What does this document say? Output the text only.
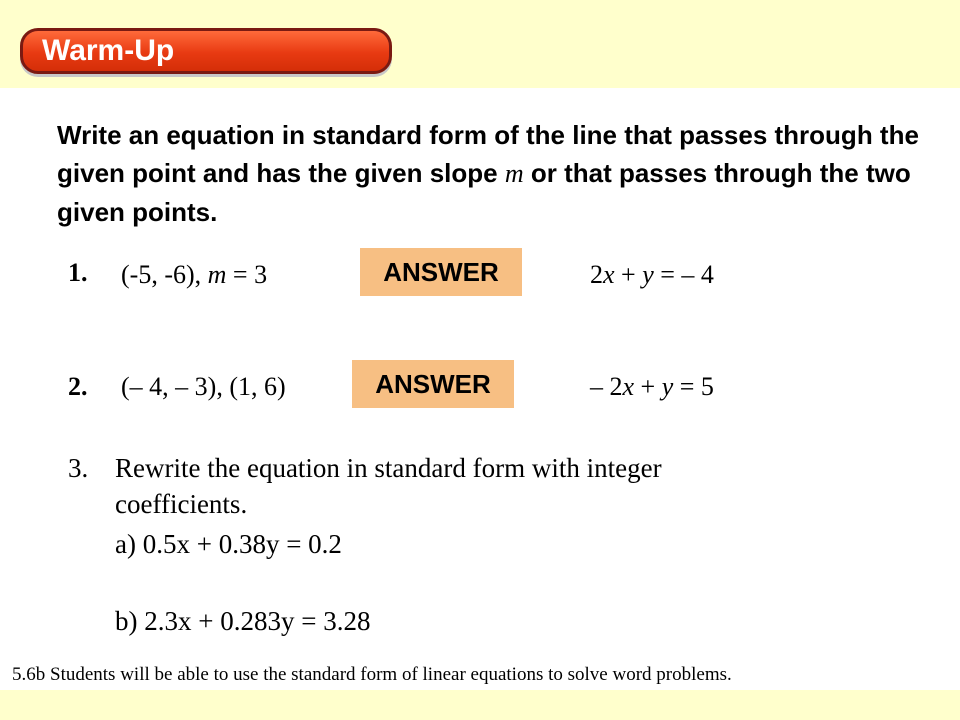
Warm-Up
Write an equation in standard form of the line that passes through the given point and has the given slope m or that passes through the two given points.
1. (-5, -6), m = 3	ANSWER	2x + y = – 4
2. (– 4, – 3), (1, 6)	ANSWER	– 2x + y = 5
3. Rewrite the equation in standard form with integer
coefficients.
a) 0.5x + 0.38y = 0.2
b) 2.3x + 0.283y = 3.28
5.6b Students will be able to use the standard form of linear equations to solve word problems.
